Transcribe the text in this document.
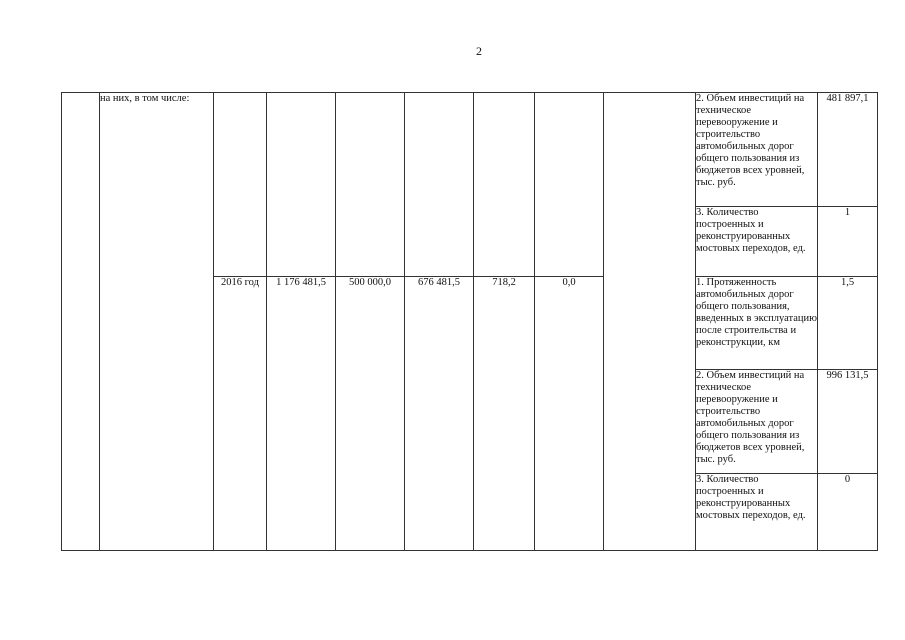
2
	на них, в том числе:								2. Объем инвестиций на техническое перевооружение и строительство автомобильных дорог общего пользования из бюджетов всех уровней, тыс. руб.	481 897,1
									3. Количество построенных и реконструированных мостовых переходов, ед.	1
		2016 год	1 176 481,5	500 000,0	676 481,5	718,2	0,0		1. Протяженность автомобильных дорог общего пользования, введенных в эксплуатацию после строительства и реконструкции, км	1,5
									2. Объем инвестиций на техническое перевооружение и строительство автомобильных дорог общего пользования из бюджетов всех уровней, тыс. руб.	996 131,5
									3. Количество построенных и реконструированных мостовых переходов, ед.	0
